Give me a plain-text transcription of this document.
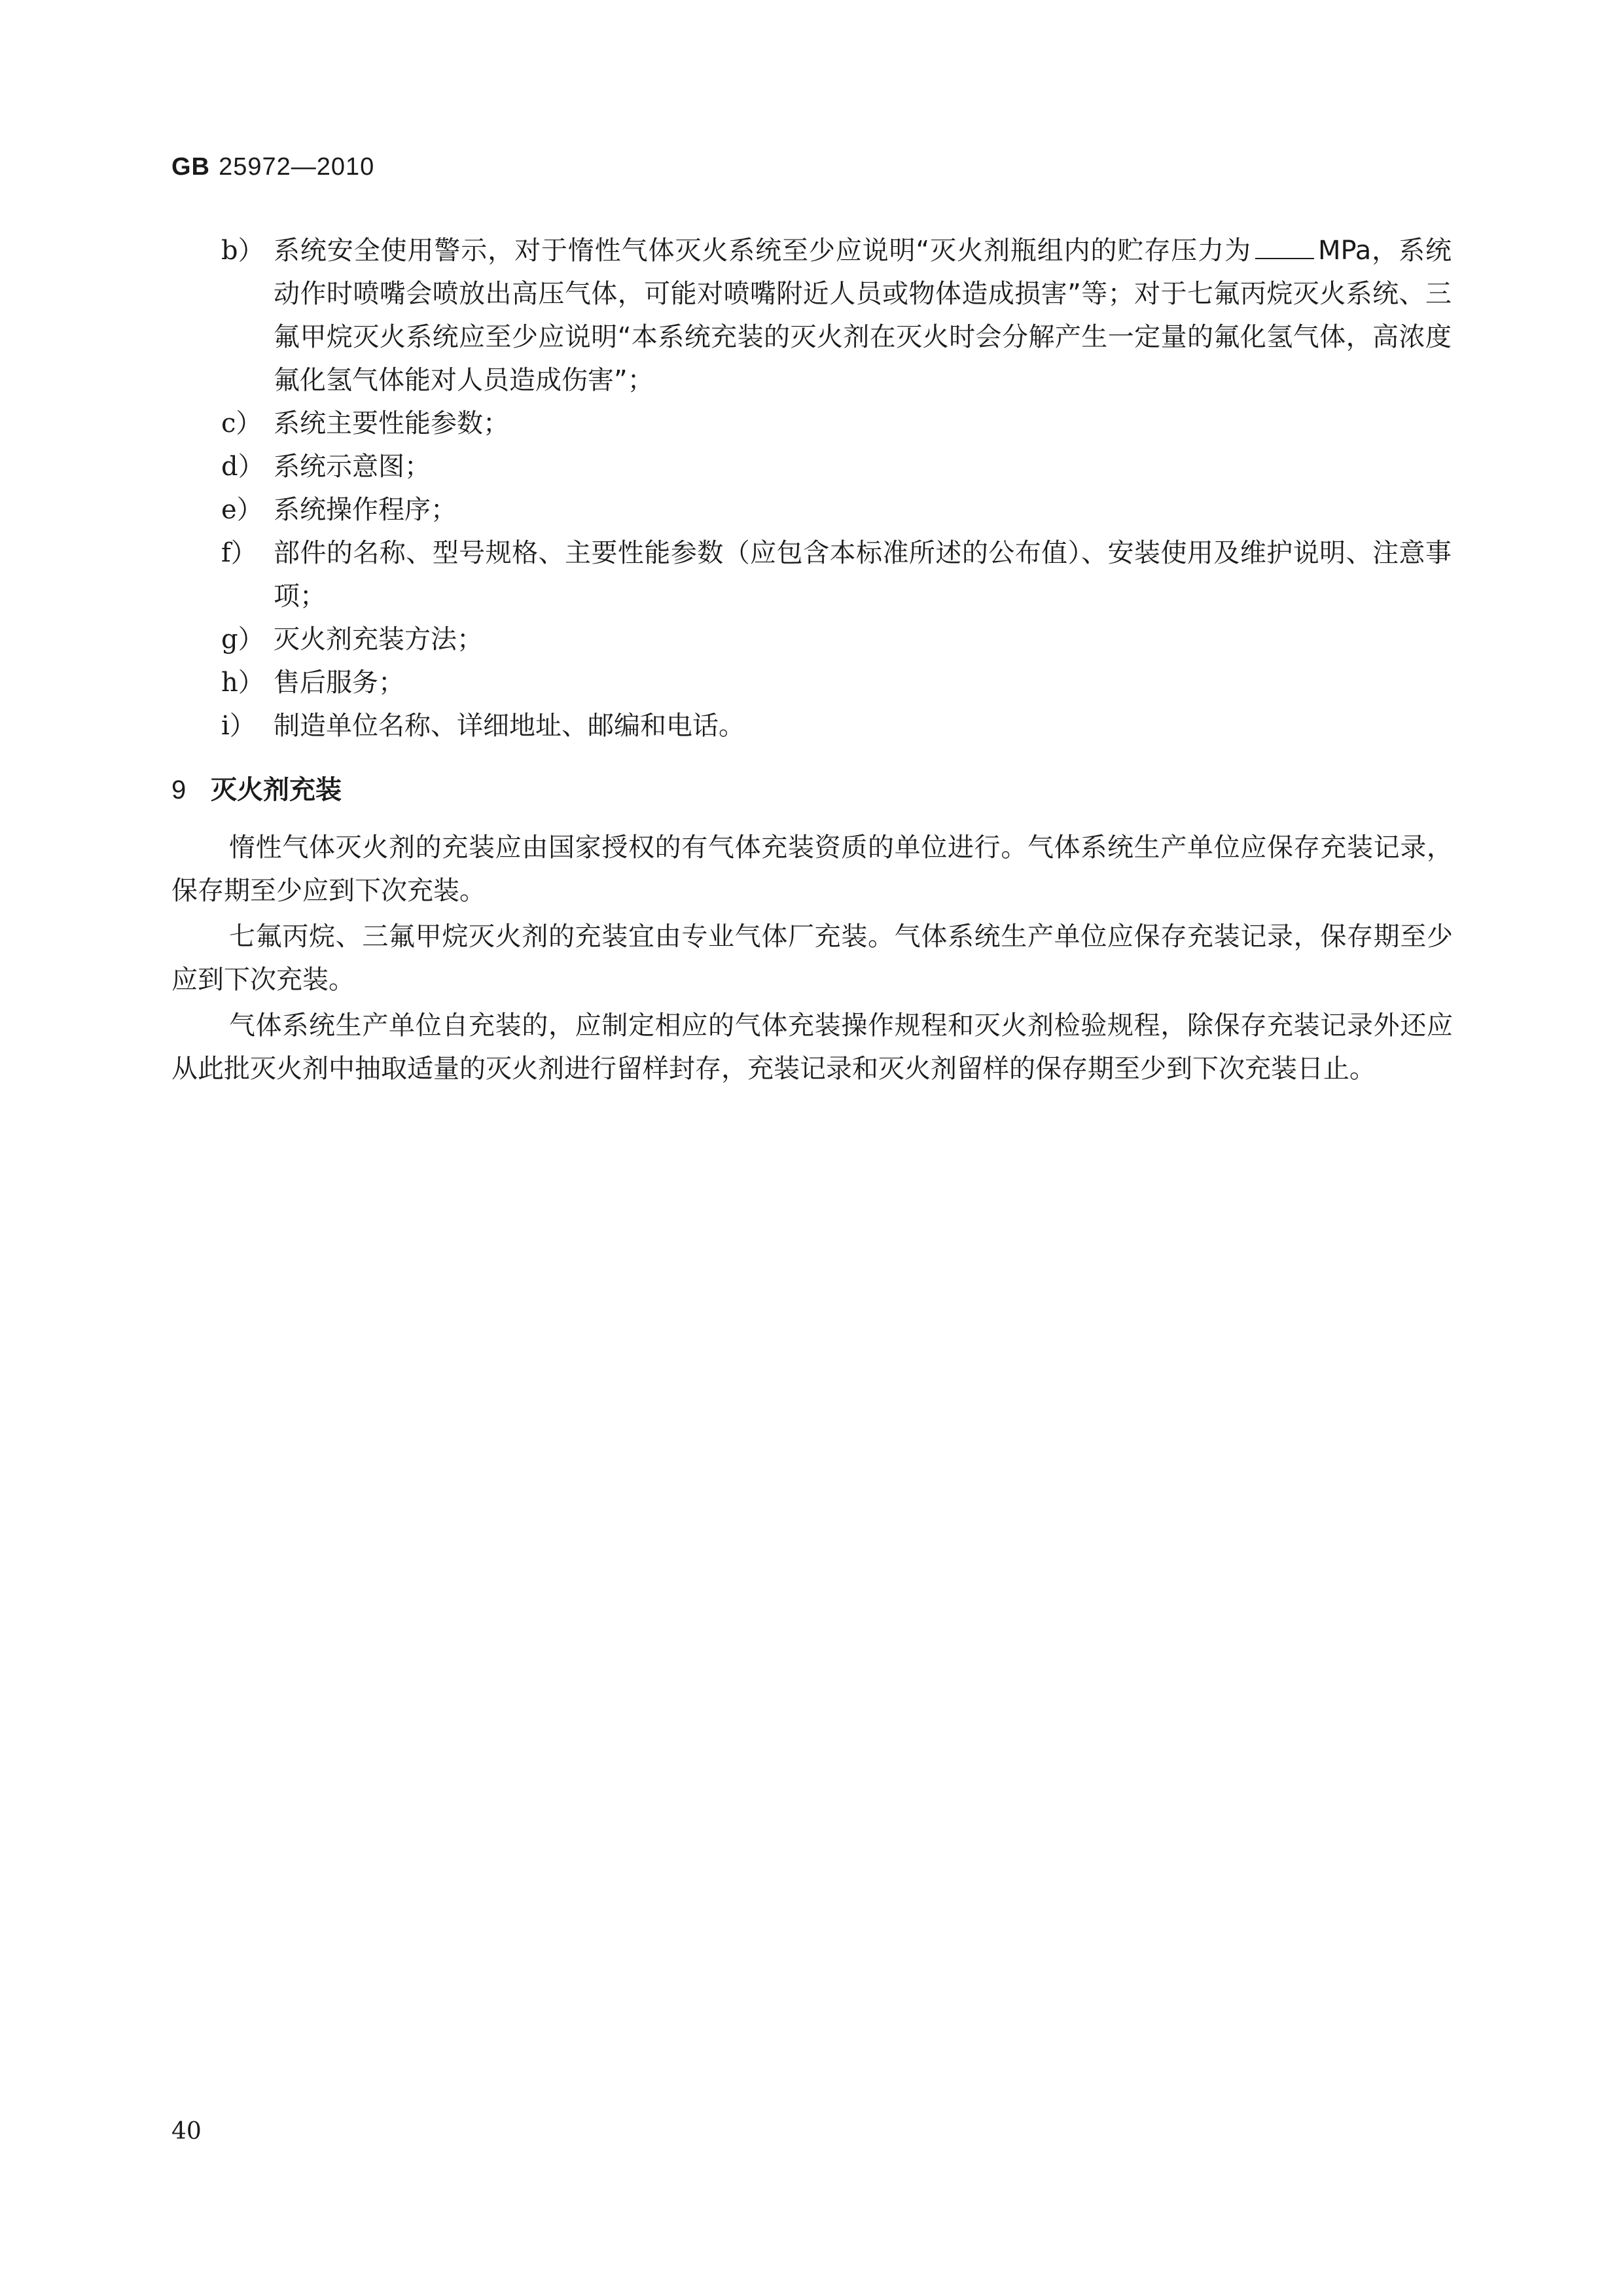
GB 25972—2010
b） 系统安全使用警示，对于惰性气体灭火系统至少应说明“灭火剂瓶组内的贮存压力为	MPa，系统动作时喷嘴会喷放出高压气体，可能对喷嘴附近人员或物体造成损害”等；对于七氟丙烷灭火系统、三氟甲烷灭火系统应至少应说明“本系统充装的灭火剂在灭火时会分解产生一定量的氟化氢气体，高浓度氟化氢气体能对人员造成伤害”；
c） 系统主要性能参数；
d） 系统示意图；
e） 系统操作程序；
f） 部件的名称、型号规格、主要性能参数（应包含本标准所述的公布值）、安装使用及维护说明、注意事项；
g） 灭火剂充装方法；
h） 售后服务；
i） 制造单位名称、详细地址、邮编和电话。
9 灭火剂充装

惰性气体灭火剂的充装应由国家授权的有气体充装资质的单位进行。气体系统生产单位应保存充装记录，保存期至少应到下次充装。

七氟丙烷、三氟甲烷灭火剂的充装宜由专业气体厂充装。气体系统生产单位应保存充装记录，保存期至少应到下次充装。

气体系统生产单位自充装的，应制定相应的气体充装操作规程和灭火剂检验规程，除保存充装记录外还应从此批灭火剂中抽取适量的灭火剂进行留样封存，充装记录和灭火剂留样的保存期至少到下次充装日止。

40
